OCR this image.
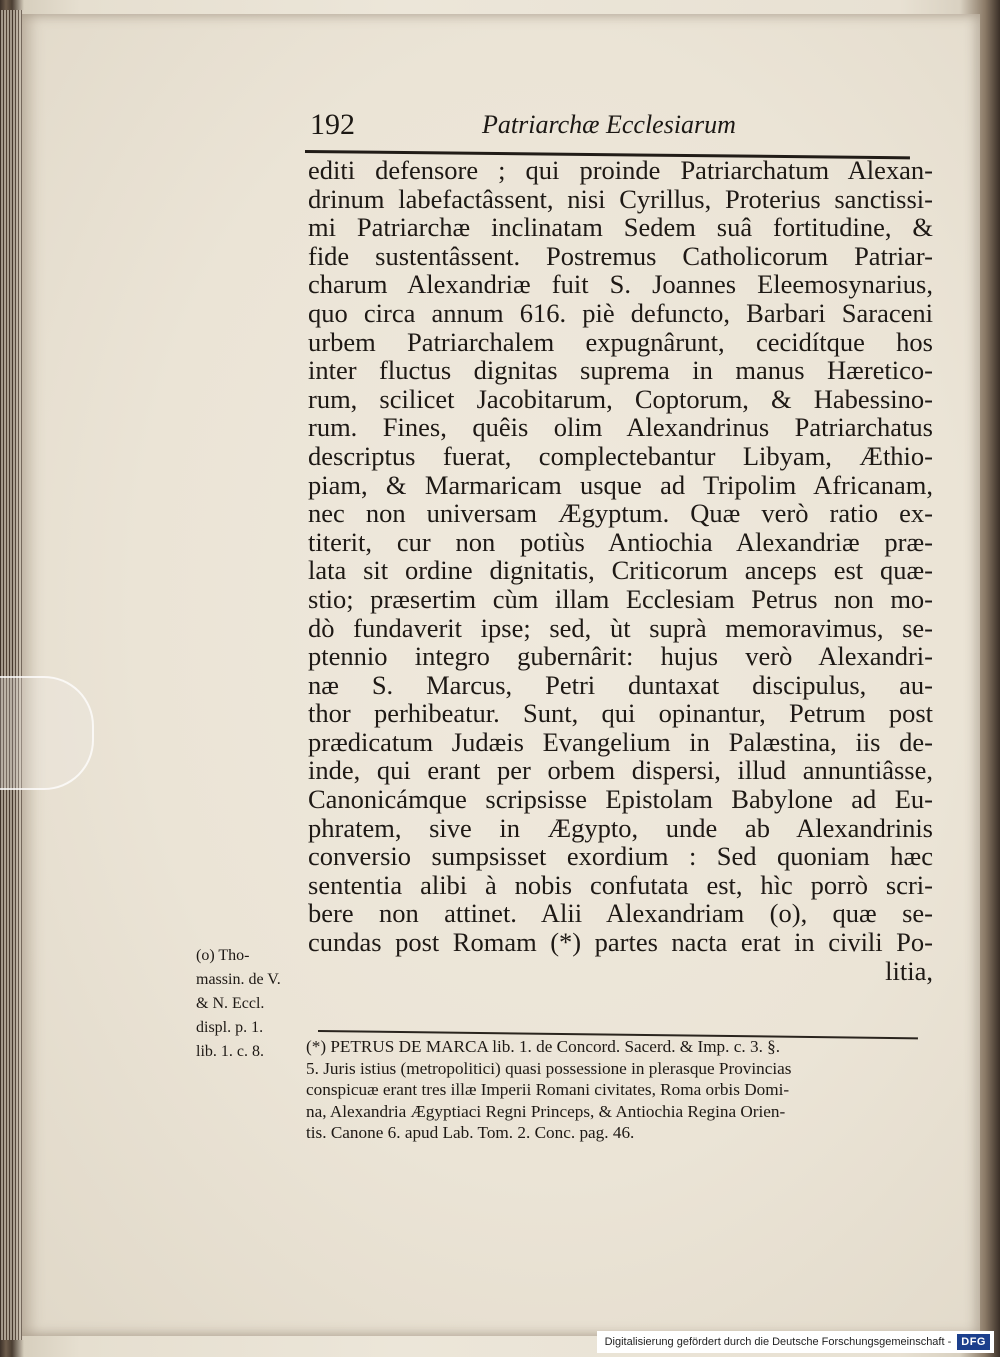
192	Patriarchæ Ecclesiarum
editi defensore ; qui proinde Patriarchatum Alexan-
drinum labefactâssent, nisi Cyrillus, Proterius sanctissi-
mi Patriarchæ inclinatam Sedem suâ fortitudine, &
fide sustentâssent. Postremus Catholicorum Patriar-
charum Alexandriæ fuit S. Joannes Eleemosynarius,
quo circa annum 616. piè defuncto, Barbari Saraceni
urbem Patriarchalem expugnârunt, cecidítque hos
inter fluctus dignitas suprema in manus Hæretico-
rum, scilicet Jacobitarum, Coptorum, & Habessino-
rum. Fines, quêis olim Alexandrinus Patriarchatus
descriptus fuerat, complectebantur Libyam, Æthio-
piam, & Marmaricam usque ad Tripolim Africanam,
nec non universam Ægyptum. Quæ verò ratio ex-
titerit, cur non potiùs Antiochia Alexandriæ præ-
lata sit ordine dignitatis, Criticorum anceps est quæ-
stio; præsertim cùm illam Ecclesiam Petrus non mo-
dò fundaverit ipse; sed, ùt suprà memoravimus, se-
ptennio integro gubernârit: hujus verò Alexandri-
næ S. Marcus, Petri duntaxat discipulus, au-
thor perhibeatur. Sunt, qui opinantur, Petrum post
prædicatum Judæis Evangelium in Palæstina, iis de-
inde, qui erant per orbem dispersi, illud annuntiâsse,
Canonicámque scripsisse Epistolam Babylone ad Eu-
phratem, sive in Ægypto, unde ab Alexandrinis
conversio sumpsisset exordium : Sed quoniam hæc
sententia alibi à nobis confutata est, hìc porrò scri-
bere non attinet. Alii Alexandriam (o), quæ se-
cundas post Romam (*) partes nacta erat in civili Po-
litia,
(o) Tho-
massin. de V.
& N. Eccl.
displ. p. 1.
lib. 1. c. 8.	(*) PETRUS DE MARCA lib. 1. de Concord. Sacerd. & Imp. c. 3. §.
5. Juris istius (metropolitici) quasi possessione in plerasque Provincias
conspicuæ erant tres illæ Imperii Romani civitates, Roma orbis Domi-
na, Alexandria Ægyptiaci Regni Princeps, & Antiochia Regina Orien-
tis. Canone 6. apud Lab. Tom. 2. Conc. pag. 46.
Digitalisierung gefördert durch die Deutsche Forschungsgemeinschaft - DFG
